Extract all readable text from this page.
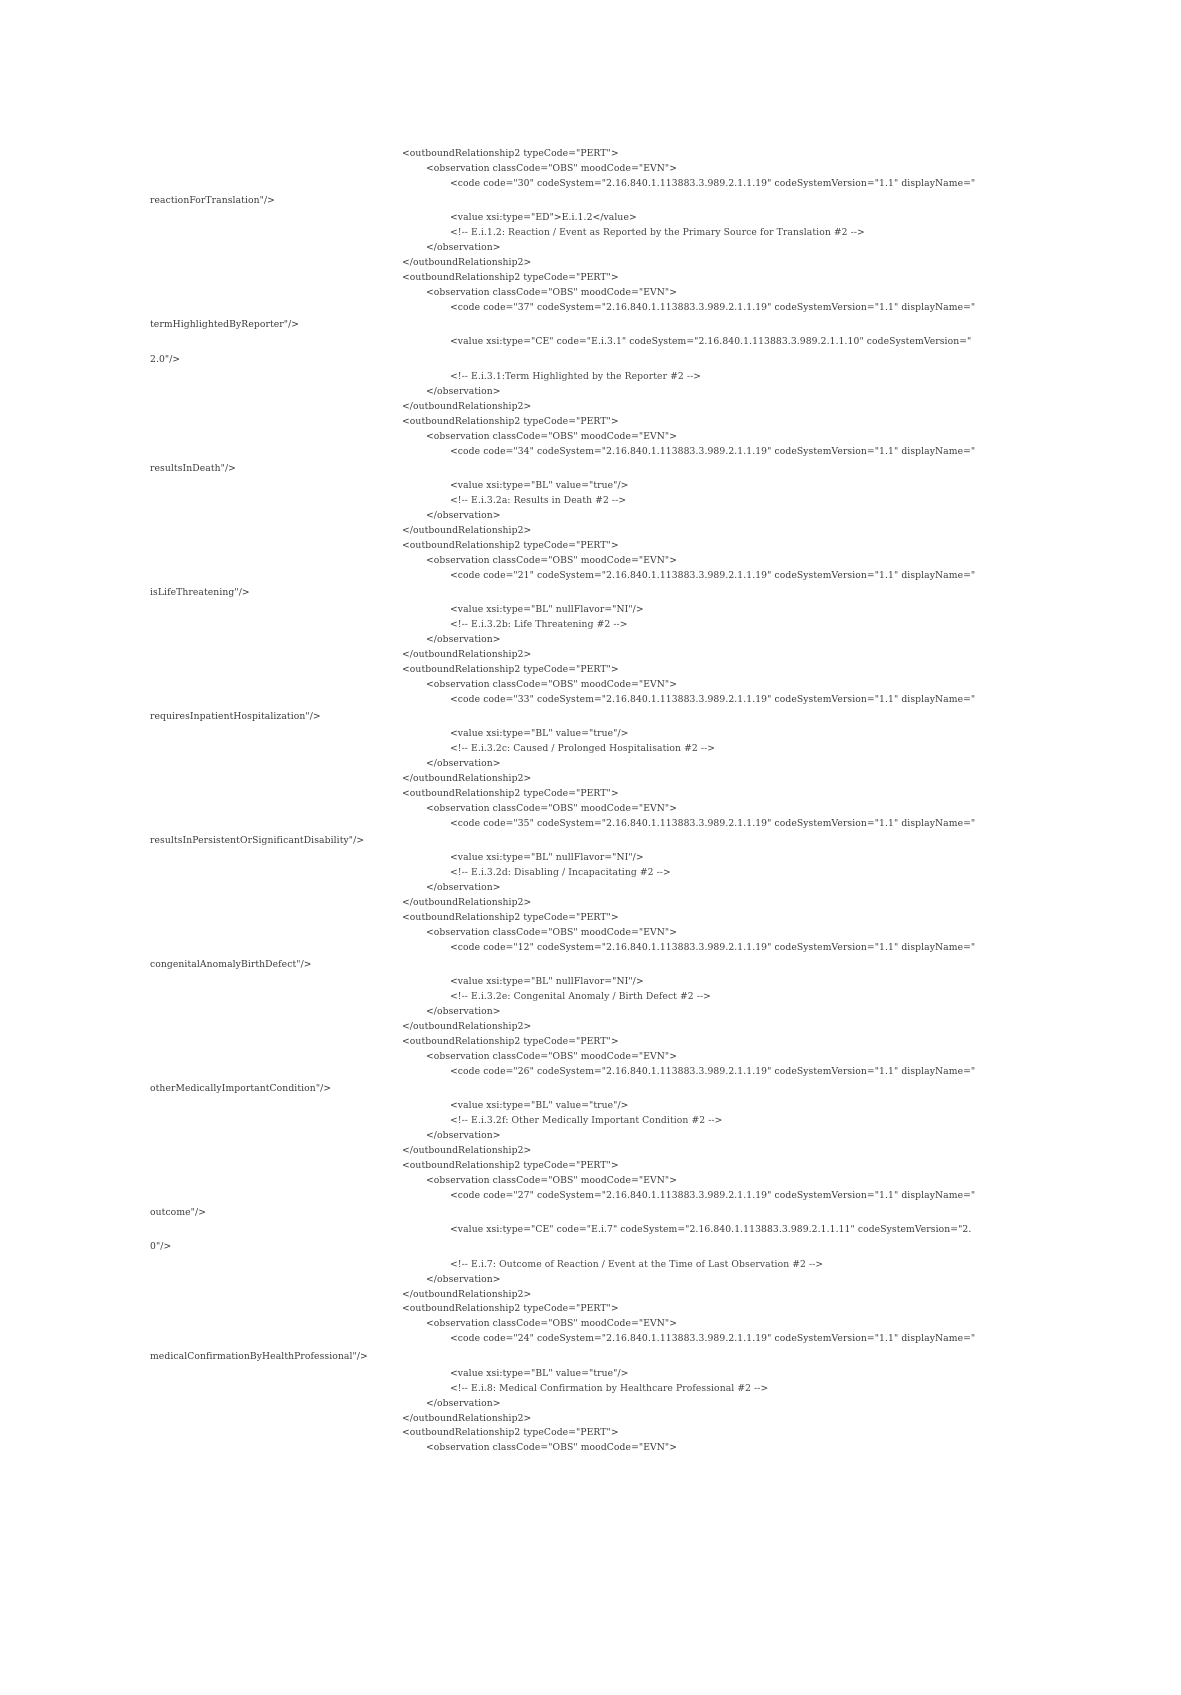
<outboundRelationship2 typeCode="PERT">
<observation classCode="OBS" moodCode="EVN">
<code code="30" codeSystem="2.16.840.1.113883.3.989.2.1.1.19" codeSystemVersion="1.1" displayName="
reactionForTranslation"/>
<value xsi:type="ED">E.i.1.2</value>
<!-- E.i.1.2: Reaction / Event as Reported by the Primary Source for Translation #2 -->
</observation>
</outboundRelationship2>
<outboundRelationship2 typeCode="PERT">
<observation classCode="OBS" moodCode="EVN">
<code code="37" codeSystem="2.16.840.1.113883.3.989.2.1.1.19" codeSystemVersion="1.1" displayName="
termHighlightedByReporter"/>
<value xsi:type="CE" code="E.i.3.1" codeSystem="2.16.840.1.113883.3.989.2.1.1.10" codeSystemVersion="
2.0"/>
<!-- E.i.3.1:Term Highlighted by the Reporter #2 -->
</observation>
</outboundRelationship2>
<outboundRelationship2 typeCode="PERT">
<observation classCode="OBS" moodCode="EVN">
<code code="34" codeSystem="2.16.840.1.113883.3.989.2.1.1.19" codeSystemVersion="1.1" displayName="
resultsInDeath"/>
<value xsi:type="BL" value="true"/>
<!-- E.i.3.2a: Results in Death #2 -->
</observation>
</outboundRelationship2>
<outboundRelationship2 typeCode="PERT">
<observation classCode="OBS" moodCode="EVN">
<code code="21" codeSystem="2.16.840.1.113883.3.989.2.1.1.19" codeSystemVersion="1.1" displayName="
isLifeThreatening"/>
<value xsi:type="BL" nullFlavor="NI"/>
<!-- E.i.3.2b: Life Threatening #2 -->
</observation>
</outboundRelationship2>
<outboundRelationship2 typeCode="PERT">
<observation classCode="OBS" moodCode="EVN">
<code code="33" codeSystem="2.16.840.1.113883.3.989.2.1.1.19" codeSystemVersion="1.1" displayName="
requiresInpatientHospitalization"/>
<value xsi:type="BL" value="true"/>
<!-- E.i.3.2c: Caused / Prolonged Hospitalisation #2 -->
</observation>
</outboundRelationship2>
<outboundRelationship2 typeCode="PERT">
<observation classCode="OBS" moodCode="EVN">
<code code="35" codeSystem="2.16.840.1.113883.3.989.2.1.1.19" codeSystemVersion="1.1" displayName="
resultsInPersistentOrSignificantDisability"/>
<value xsi:type="BL" nullFlavor="NI"/>
<!-- E.i.3.2d: Disabling / Incapacitating #2 -->
</observation>
</outboundRelationship2>
<outboundRelationship2 typeCode="PERT">
<observation classCode="OBS" moodCode="EVN">
<code code="12" codeSystem="2.16.840.1.113883.3.989.2.1.1.19" codeSystemVersion="1.1" displayName="
congenitalAnomalyBirthDefect"/>
<value xsi:type="BL" nullFlavor="NI"/>
<!-- E.i.3.2e: Congenital Anomaly / Birth Defect #2 -->
</observation>
</outboundRelationship2>
<outboundRelationship2 typeCode="PERT">
<observation classCode="OBS" moodCode="EVN">
<code code="26" codeSystem="2.16.840.1.113883.3.989.2.1.1.19" codeSystemVersion="1.1" displayName="
otherMedicallyImportantCondition"/>
<value xsi:type="BL" value="true"/>
<!-- E.i.3.2f: Other Medically Important Condition #2 -->
</observation>
</outboundRelationship2>
<outboundRelationship2 typeCode="PERT">
<observation classCode="OBS" moodCode="EVN">
<code code="27" codeSystem="2.16.840.1.113883.3.989.2.1.1.19" codeSystemVersion="1.1" displayName="
outcome"/>
<value xsi:type="CE" code="E.i.7" codeSystem="2.16.840.1.113883.3.989.2.1.1.11" codeSystemVersion="2.
0"/>
<!-- E.i.7: Outcome of Reaction / Event at the Time of Last Observation #2 -->
</observation>
</outboundRelationship2>
<outboundRelationship2 typeCode="PERT">
<observation classCode="OBS" moodCode="EVN">
<code code="24" codeSystem="2.16.840.1.113883.3.989.2.1.1.19" codeSystemVersion="1.1" displayName="
medicalConfirmationByHealthProfessional"/>
<value xsi:type="BL" value="true"/>
<!-- E.i.8: Medical Confirmation by Healthcare Professional #2 -->
</observation>
</outboundRelationship2>
<outboundRelationship2 typeCode="PERT">
<observation classCode="OBS" moodCode="EVN">
